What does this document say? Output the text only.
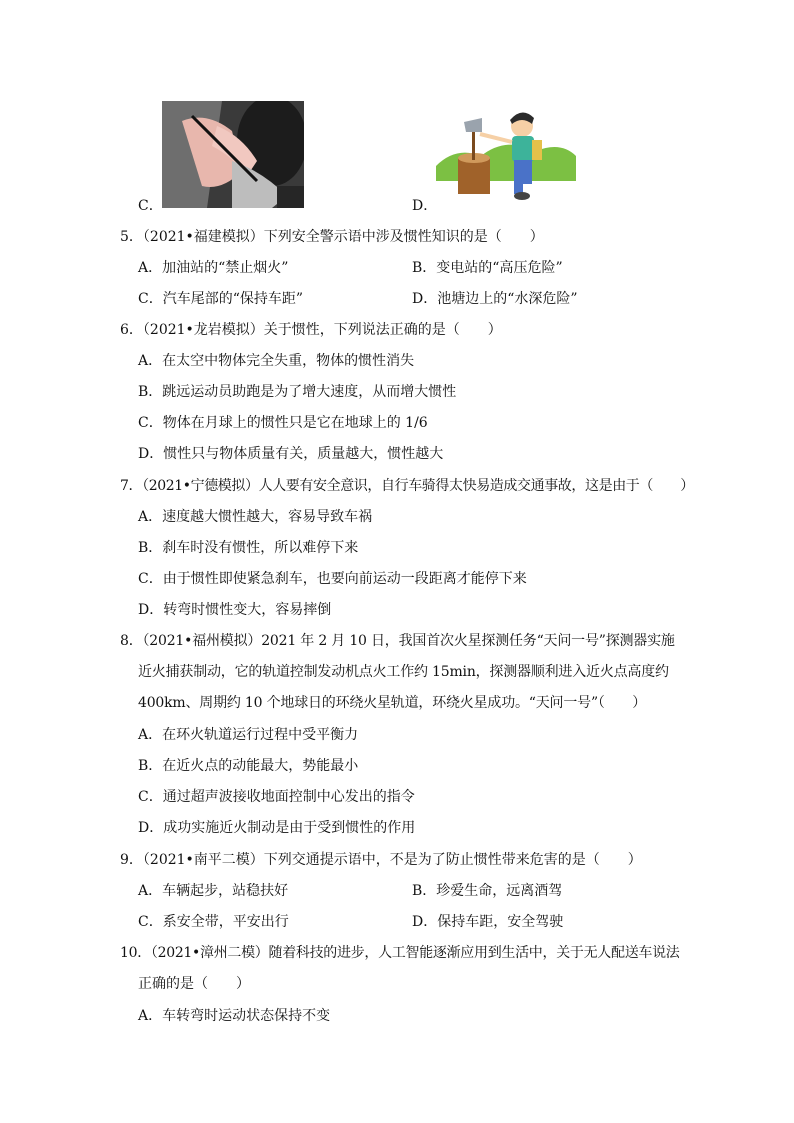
C．	D．
5．（2021•福建模拟）下列安全警示语中涉及惯性知识的是（　　）
A．加油站的“禁止烟火”	B．变电站的“高压危险”
C．汽车尾部的“保持车距”	D．池塘边上的“水深危险”
6．（2021•龙岩模拟）关于惯性，下列说法正确的是（　　）
A．在太空中物体完全失重，物体的惯性消失
B．跳远运动员助跑是为了增大速度，从而增大惯性
C．物体在月球上的惯性只是它在地球上的 1/6
D．惯性只与物体质量有关，质量越大，惯性越大
7．（2021•宁德模拟）人人要有安全意识，自行车骑得太快易造成交通事故，这是由于（　　）
A．速度越大惯性越大，容易导致车祸
B．刹车时没有惯性，所以难停下来
C．由于惯性即使紧急刹车，也要向前运动一段距离才能停下来
D．转弯时惯性变大，容易摔倒
8．（2021•福州模拟）2021 年 2 月 10 日，我国首次火星探测任务“天问一号”探测器实施
近火捕获制动，它的轨道控制发动机点火工作约 15min，探测器顺利进入近火点高度约
400km、周期约 10 个地球日的环绕火星轨道，环绕火星成功。“天问一号”（　　）
A．在环火轨道运行过程中受平衡力
B．在近火点的动能最大，势能最小
C．通过超声波接收地面控制中心发出的指令
D．成功实施近火制动是由于受到惯性的作用
9．（2021•南平二模）下列交通提示语中，不是为了防止惯性带来危害的是（　　）
A．车辆起步，站稳扶好	B．珍爱生命，远离酒驾
C．系安全带，平安出行	D．保持车距，安全驾驶
10．（2021•漳州二模）随着科技的进步，人工智能逐渐应用到生活中，关于无人配送车说法
正确的是（　　）
A．车转弯时运动状态保持不变
